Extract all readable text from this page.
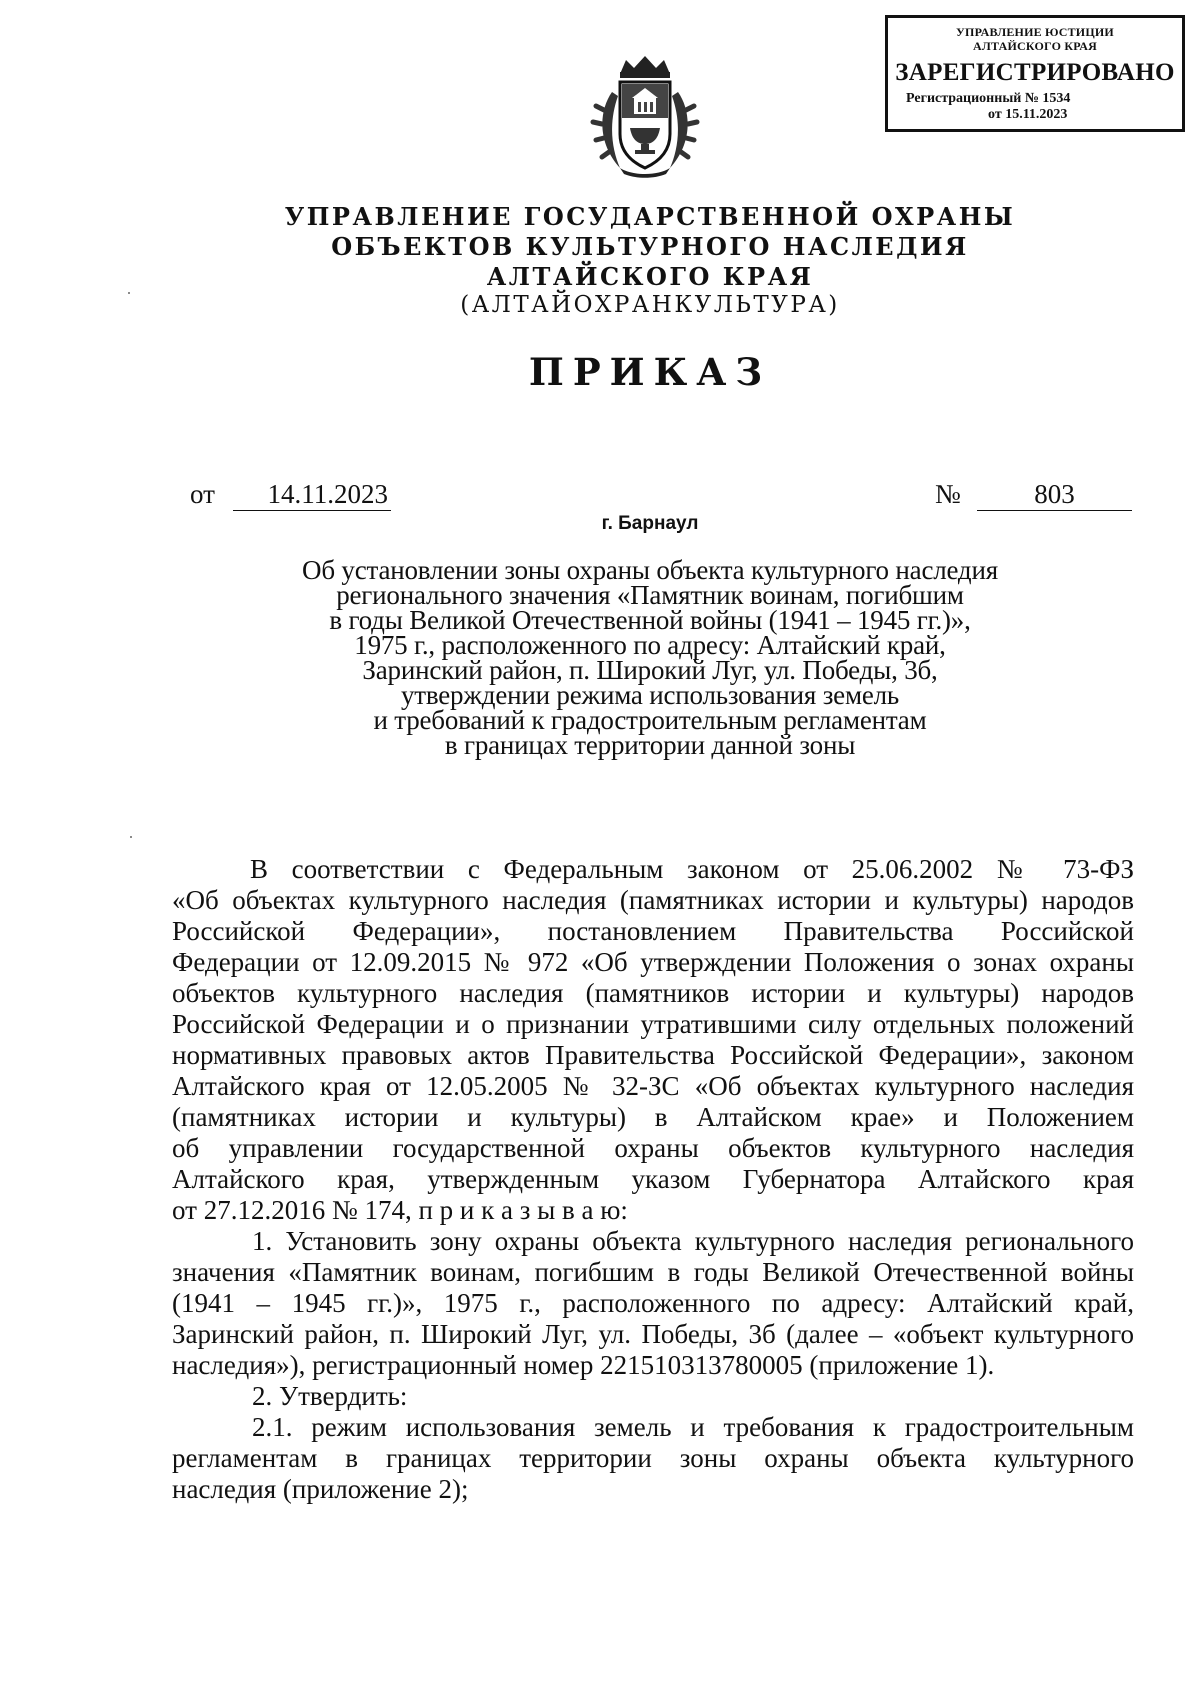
УПРАВЛЕНИЕ ЮСТИЦИИ
АЛТАЙСКОГО КРАЯ
ЗАРЕГИСТРИРОВАНО
Регистрационный № 1534
от 15.11.2023
УПРАВЛЕНИЕ ГОСУДАРСТВЕННОЙ ОХРАНЫ
ОБЪЕКТОВ КУЛЬТУРНОГО НАСЛЕДИЯ
АЛТАЙСКОГО КРАЯ
(АЛТАЙОХРАНКУЛЬТУРА)
ПРИКАЗ
от	14.11.2023	№	803
г. Барнаул
Об установлении зоны охраны объекта культурного наследия
регионального значения «Памятник воинам, погибшим
в годы Великой Отечественной войны (1941 – 1945 гг.)»,
1975 г., расположенного по адресу: Алтайский край,
Заринский район, п. Широкий Луг, ул. Победы, 3б,
утверждении режима использования земель
и требований к градостроительным регламентам
в границах территории данной зоны
В соответствии с Федеральным законом от 25.06.2002 № 73-ФЗ
«Об объектах культурного наследия (памятниках истории и культуры) народов
Российской Федерации», постановлением Правительства Российской
Федерации от 12.09.2015 № 972 «Об утверждении Положения о зонах охраны
объектов культурного наследия (памятников истории и культуры) народов
Российской Федерации и о признании утратившими силу отдельных положений
нормативных правовых актов Правительства Российской Федерации», законом
Алтайского края от 12.05.2005 № 32-ЗС «Об объектах культурного наследия
(памятниках истории и культуры) в Алтайском крае» и Положением
об управлении государственной охраны объектов культурного наследия
Алтайского края, утвержденным указом Губернатора Алтайского края
от 27.12.2016 № 174, п р и к а з ы в а ю:
1. Установить зону охраны объекта культурного наследия регионального
значения «Памятник воинам, погибшим в годы Великой Отечественной войны
(1941 – 1945 гг.)», 1975 г., расположенного по адресу: Алтайский край,
Заринский район, п. Широкий Луг, ул. Победы, 3б (далее – «объект культурного
наследия»), регистрационный номер 221510313780005 (приложение 1).
2. Утвердить:
2.1. режим использования земель и требования к градостроительным
регламентам в границах территории зоны охраны объекта культурного
наследия (приложение 2);
